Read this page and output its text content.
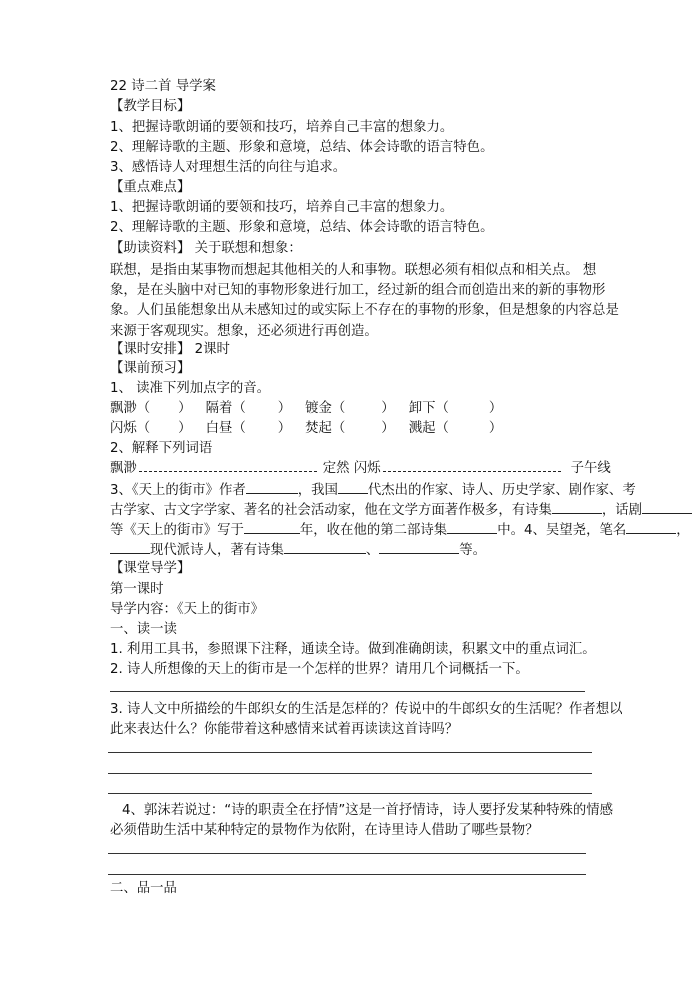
22 诗二首 导学案
【教学目标】
1、把握诗歌朗诵的要领和技巧，培养自己丰富的想象力。
2、理解诗歌的主题、形象和意境，总结、体会诗歌的语言特色。
3、感悟诗人对理想生活的向往与追求。
【重点难点】
1、把握诗歌朗诵的要领和技巧，培养自己丰富的想象力。
2、理解诗歌的主题、形象和意境，总结、体会诗歌的语言特色。
【助读资料】 关于联想和想象：
联想，是指由某事物而想起其他相关的人和事物。联想必须有相似点和相关点。 想象，是在头脑中对已知的事物形象进行加工，经过新的组合而创造出来的新的事物形象。人们虽能想象出从未感知过的或实际上不存在的事物的形象，但是想象的内容总是来源于客观现实。想象，还必须进行再创造。
【课时安排】 2课时
【课前预习】
1、 读准下列加点字的音。
飘渺（ ） 隔着（ ） 镀金（	） 卸下（	）
闪烁（ ） 白昼（ ） 焚起（	） 溅起（	）
2、解释下列词语
飘渺	定然 闪烁	子午线
3、《天上的街市》作者	，我国 代杰出的作家、诗人、历史学家、剧作家、考
古学家、古文字学家、著名的社会活动家，他在文学方面著作极多，有诗集	，话剧
等《天上的街市》写于	年，收在他的第二部诗集	中。4、吴望尧，笔名	，
现代派诗人，著有诗集	、	等。
【课堂导学】
第一课时
导学内容：《天上的街市》
一、读一读
1. 利用工具书，参照课下注释，通读全诗。做到准确朗读，积累文中的重点词汇。
2. 诗人所想像的天上的街市是一个怎样的世界？请用几个词概括一下。
3. 诗人文中所描绘的牛郎织女的生活是怎样的？传说中的牛郎织女的生活呢？作者想以此来表达什么？你能带着这种感情来试着再读读这首诗吗？
4、郭沫若说过：“诗的职责全在抒情”这是一首抒情诗，诗人要抒发某种特殊的情感必须借助生活中某种特定的景物作为依附，在诗里诗人借助了哪些景物？
二、品一品
